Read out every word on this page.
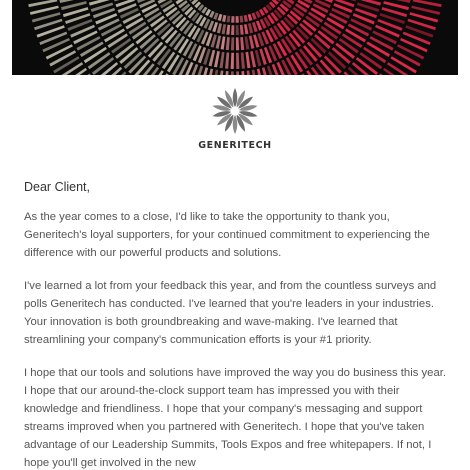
GENERITECH

Dear Client,

As the year comes to a close, I'd like to take the opportunity to thank you, Generitech's loyal supporters, for your continued commitment to experiencing the difference with our powerful products and solutions.

I've learned a lot from your feedback this year, and from the countless surveys and polls Generitech has conducted. I've learned that you're leaders in your industries. Your innovation is both groundbreaking and wave-making. I've learned that streamlining your company's communication efforts is your #1 priority.

I hope that our tools and solutions have improved the way you do business this year. I hope that our around-the-clock support team has impressed you with their knowledge and friendliness. I hope that your company's messaging and support streams improved when you partnered with Generitech. I hope that you've taken advantage of our Leadership Summits, Tools Expos and free whitepapers. If not, I hope you'll get involved in the new
